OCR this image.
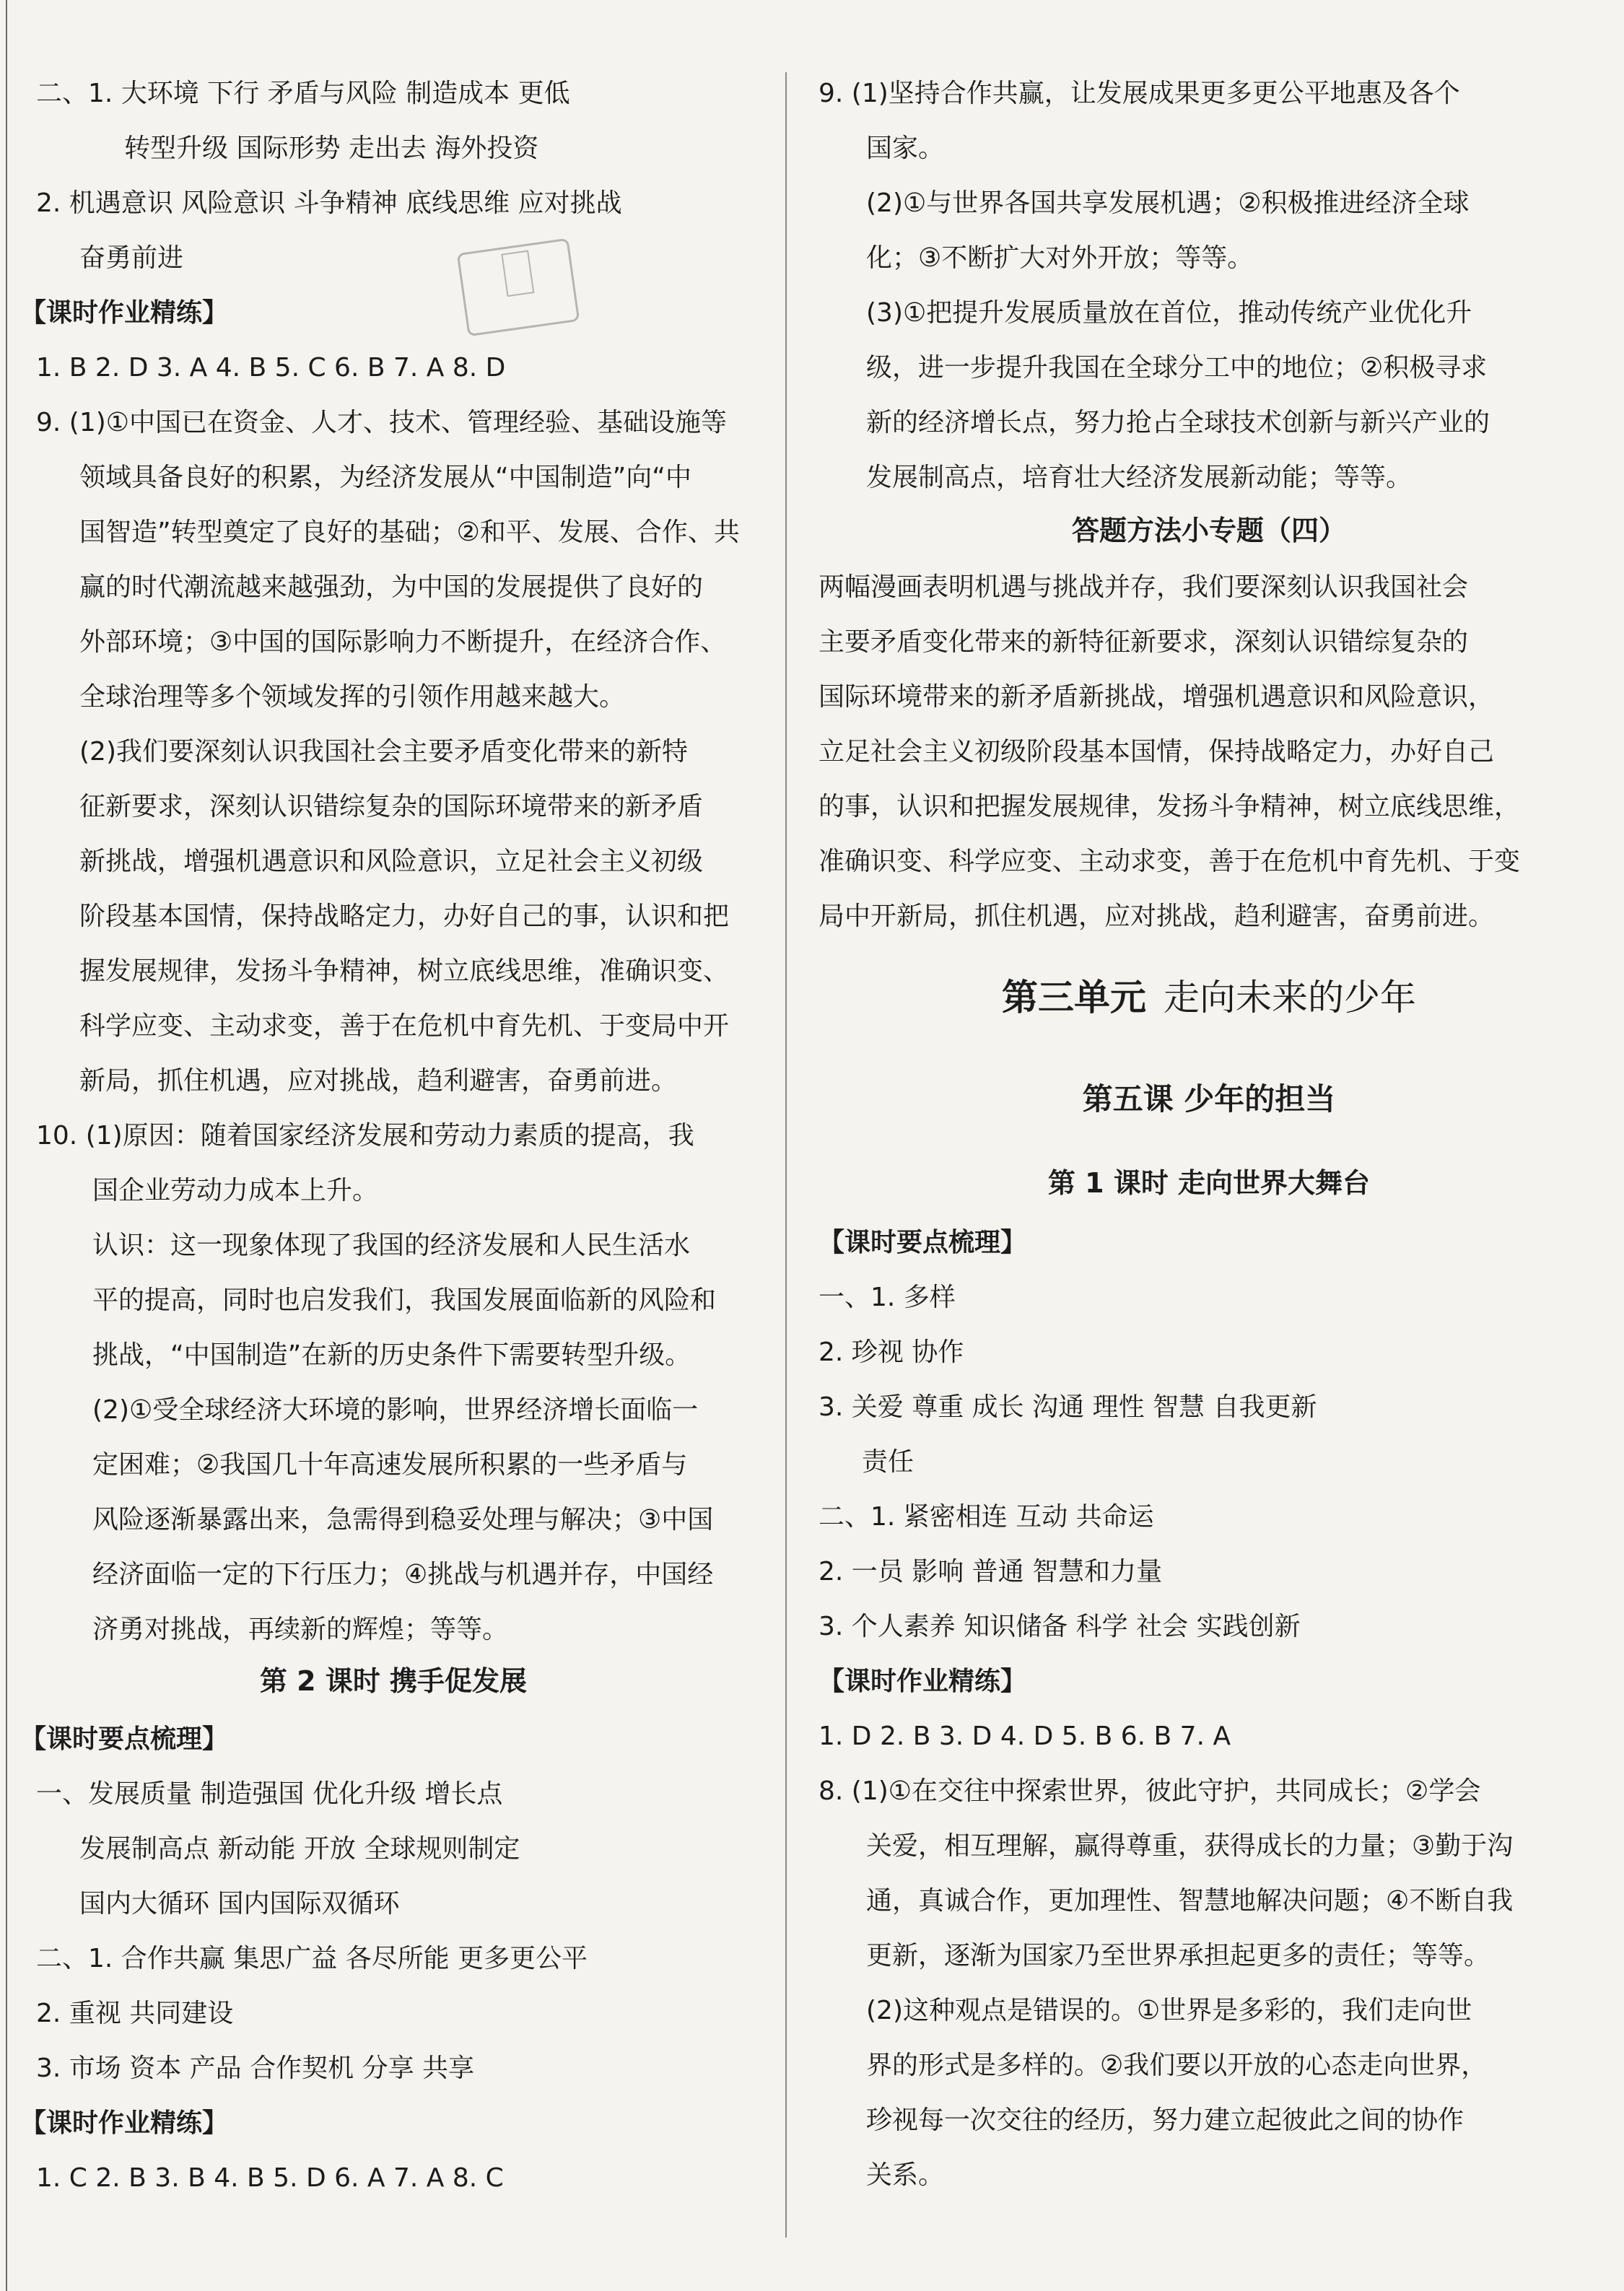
二、1. 大环境 下行 矛盾与风险 制造成本 更低
转型升级 国际形势 走出去 海外投资
2. 机遇意识 风险意识 斗争精神 底线思维 应对挑战
奋勇前进
【课时作业精练】
1. B 2. D 3. A 4. B 5. C 6. B 7. A 8. D
9. (1)①中国已在资金、人才、技术、管理经验、基础设施等
领域具备良好的积累，为经济发展从“中国制造”向“中
国智造”转型奠定了良好的基础；②和平、发展、合作、共
赢的时代潮流越来越强劲，为中国的发展提供了良好的
外部环境；③中国的国际影响力不断提升，在经济合作、
全球治理等多个领域发挥的引领作用越来越大。
(2)我们要深刻认识我国社会主要矛盾变化带来的新特
征新要求，深刻认识错综复杂的国际环境带来的新矛盾
新挑战，增强机遇意识和风险意识，立足社会主义初级
阶段基本国情，保持战略定力，办好自己的事，认识和把
握发展规律，发扬斗争精神，树立底线思维，准确识变、
科学应变、主动求变，善于在危机中育先机、于变局中开
新局，抓住机遇，应对挑战，趋利避害，奋勇前进。
10. (1)原因：随着国家经济发展和劳动力素质的提高，我
国企业劳动力成本上升。
认识：这一现象体现了我国的经济发展和人民生活水
平的提高，同时也启发我们，我国发展面临新的风险和
挑战，“中国制造”在新的历史条件下需要转型升级。
(2)①受全球经济大环境的影响，世界经济增长面临一
定困难；②我国几十年高速发展所积累的一些矛盾与
风险逐渐暴露出来，急需得到稳妥处理与解决；③中国
经济面临一定的下行压力；④挑战与机遇并存，中国经
济勇对挑战，再续新的辉煌；等等。
第 2 课时 携手促发展
【课时要点梳理】
一、发展质量 制造强国 优化升级 增长点
发展制高点 新动能 开放 全球规则制定
国内大循环 国内国际双循环
二、1. 合作共赢 集思广益 各尽所能 更多更公平
2. 重视 共同建设
3. 市场 资本 产品 合作契机 分享 共享
【课时作业精练】
1. C 2. B 3. B 4. B 5. D 6. A 7. A 8. C
9. (1)坚持合作共赢，让发展成果更多更公平地惠及各个
国家。
(2)①与世界各国共享发展机遇；②积极推进经济全球
化；③不断扩大对外开放；等等。
(3)①把提升发展质量放在首位，推动传统产业优化升
级，进一步提升我国在全球分工中的地位；②积极寻求
新的经济增长点，努力抢占全球技术创新与新兴产业的
发展制高点，培育壮大经济发展新动能；等等。
答题方法小专题（四）
两幅漫画表明机遇与挑战并存，我们要深刻认识我国社会
主要矛盾变化带来的新特征新要求，深刻认识错综复杂的
国际环境带来的新矛盾新挑战，增强机遇意识和风险意识，
立足社会主义初级阶段基本国情，保持战略定力，办好自己
的事，认识和把握发展规律，发扬斗争精神，树立底线思维，
准确识变、科学应变、主动求变，善于在危机中育先机、于变
局中开新局，抓住机遇，应对挑战，趋利避害，奋勇前进。
第三单元 走向未来的少年
第五课 少年的担当
第 1 课时 走向世界大舞台
【课时要点梳理】
一、1. 多样
2. 珍视 协作
3. 关爱 尊重 成长 沟通 理性 智慧 自我更新
责任
二、1. 紧密相连 互动 共命运
2. 一员 影响 普通 智慧和力量
3. 个人素养 知识储备 科学 社会 实践创新
【课时作业精练】
1. D 2. B 3. D 4. D 5. B 6. B 7. A
8. (1)①在交往中探索世界，彼此守护，共同成长；②学会
关爱，相互理解，赢得尊重，获得成长的力量；③勤于沟
通，真诚合作，更加理性、智慧地解决问题；④不断自我
更新，逐渐为国家乃至世界承担起更多的责任；等等。
(2)这种观点是错误的。①世界是多彩的，我们走向世
界的形式是多样的。②我们要以开放的心态走向世界，
珍视每一次交往的经历，努力建立起彼此之间的协作
关系。
